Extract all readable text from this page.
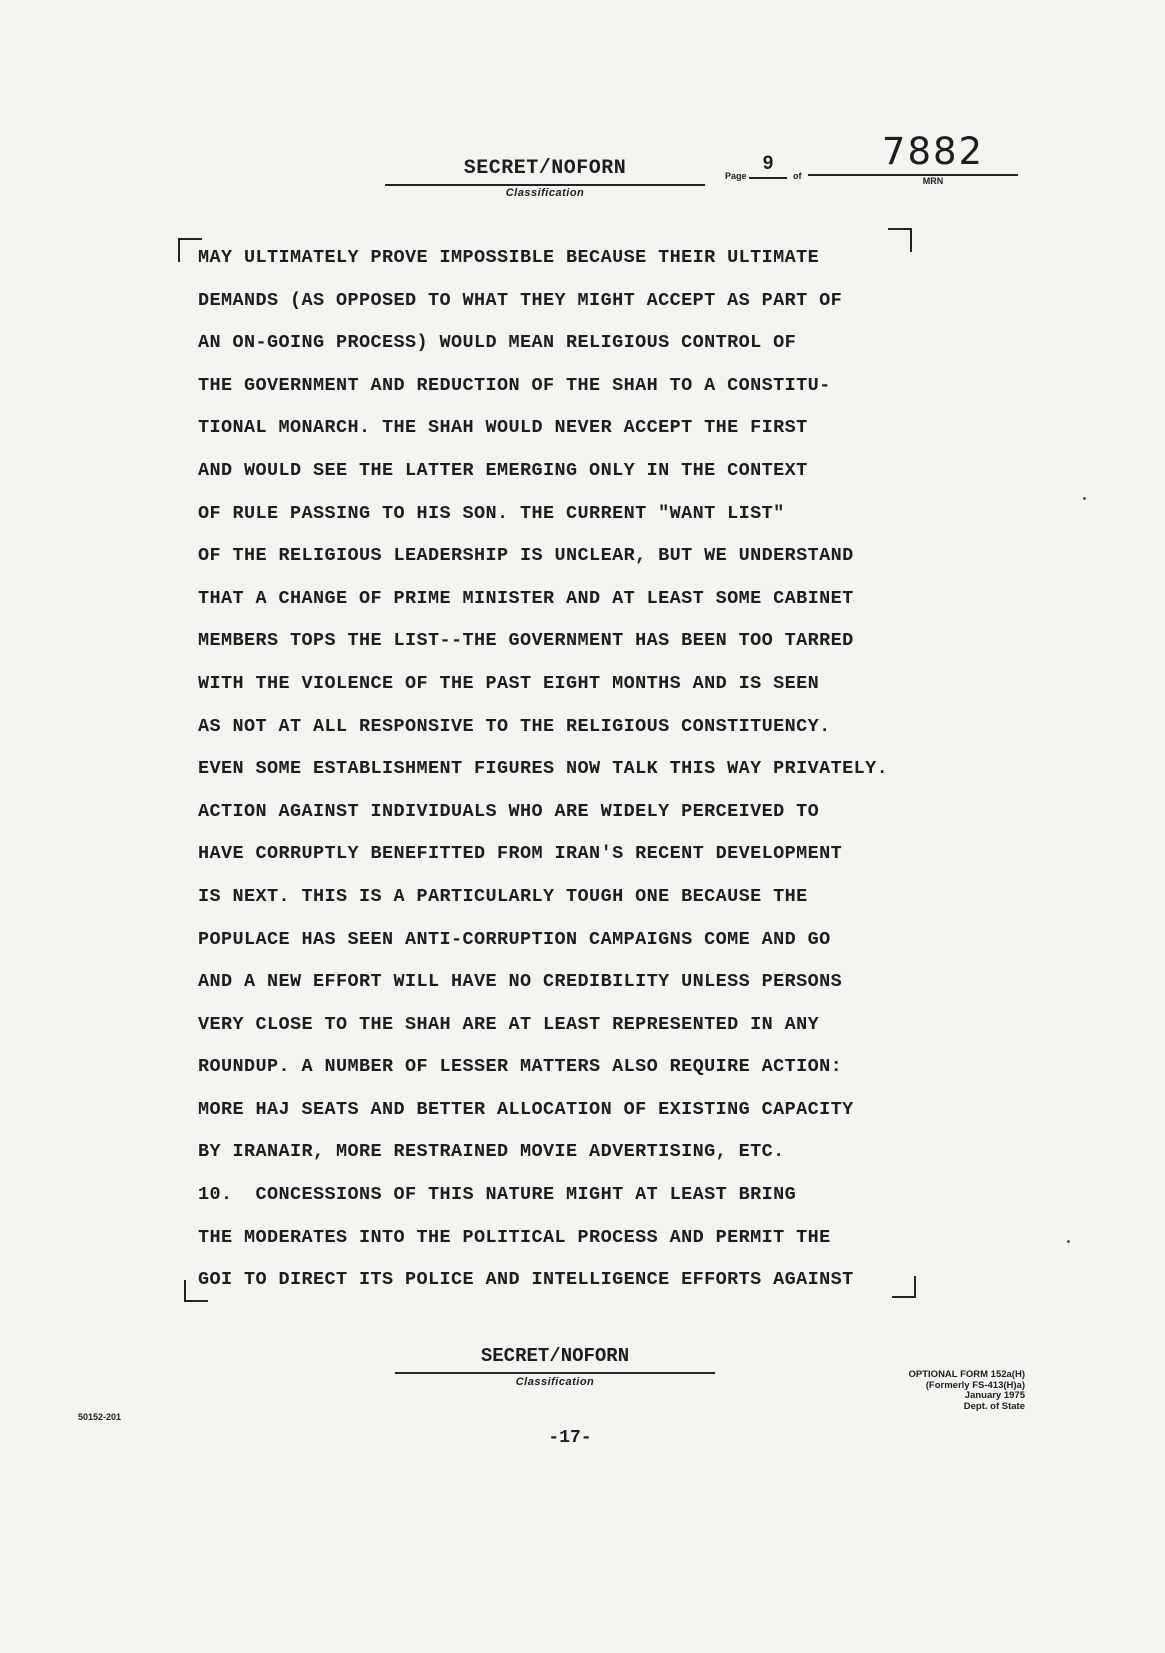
SECRET/NOFORN
Classification
Page
9
of
7882
MRN
MAY ULTIMATELY PROVE IMPOSSIBLE BECAUSE THEIR ULTIMATE
DEMANDS (AS OPPOSED TO WHAT THEY MIGHT ACCEPT AS PART OF
AN ON-GOING PROCESS) WOULD MEAN RELIGIOUS CONTROL OF
THE GOVERNMENT AND REDUCTION OF THE SHAH TO A CONSTITU-
TIONAL MONARCH. THE SHAH WOULD NEVER ACCEPT THE FIRST
AND WOULD SEE THE LATTER EMERGING ONLY IN THE CONTEXT
OF RULE PASSING TO HIS SON. THE CURRENT "WANT LIST"
OF THE RELIGIOUS LEADERSHIP IS UNCLEAR, BUT WE UNDERSTAND
THAT A CHANGE OF PRIME MINISTER AND AT LEAST SOME CABINET
MEMBERS TOPS THE LIST--THE GOVERNMENT HAS BEEN TOO TARRED
WITH THE VIOLENCE OF THE PAST EIGHT MONTHS AND IS SEEN
AS NOT AT ALL RESPONSIVE TO THE RELIGIOUS CONSTITUENCY.
EVEN SOME ESTABLISHMENT FIGURES NOW TALK THIS WAY PRIVATELY.
ACTION AGAINST INDIVIDUALS WHO ARE WIDELY PERCEIVED TO
HAVE CORRUPTLY BENEFITTED FROM IRAN'S RECENT DEVELOPMENT
IS NEXT. THIS IS A PARTICULARLY TOUGH ONE BECAUSE THE
POPULACE HAS SEEN ANTI-CORRUPTION CAMPAIGNS COME AND GO
AND A NEW EFFORT WILL HAVE NO CREDIBILITY UNLESS PERSONS
VERY CLOSE TO THE SHAH ARE AT LEAST REPRESENTED IN ANY
ROUNDUP. A NUMBER OF LESSER MATTERS ALSO REQUIRE ACTION:
MORE HAJ SEATS AND BETTER ALLOCATION OF EXISTING CAPACITY
BY IRANAIR, MORE RESTRAINED MOVIE ADVERTISING, ETC.
10.  CONCESSIONS OF THIS NATURE MIGHT AT LEAST BRING
THE MODERATES INTO THE POLITICAL PROCESS AND PERMIT THE
GOI TO DIRECT ITS POLICE AND INTELLIGENCE EFFORTS AGAINST
SECRET/NOFORN
Classification
OPTIONAL FORM 152a(H)
(Formerly FS-413(H)a)
January 1975
Dept. of State
50152-201
-17-
